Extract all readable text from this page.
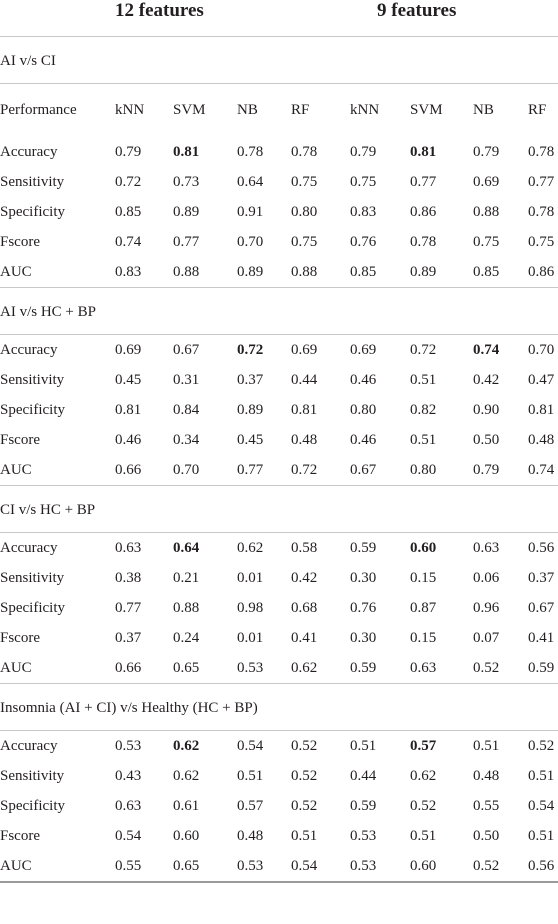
	12 features				9 features				
AI v/s CI									
Performance	kNN	SVM	NB	RF	kNN	SVM	NB	RF	
Accuracy	0.79	0.81	0.78	0.78	0.79	0.81	0.79	0.78	
Sensitivity	0.72	0.73	0.64	0.75	0.75	0.77	0.69	0.77	
Specificity	0.85	0.89	0.91	0.80	0.83	0.86	0.88	0.78	
Fscore	0.74	0.77	0.70	0.75	0.76	0.78	0.75	0.75	
AUC	0.83	0.88	0.89	0.88	0.85	0.89	0.85	0.86	
AI v/s HC + BP									
Accuracy	0.69	0.67	0.72	0.69	0.69	0.72	0.74	0.70	
Sensitivity	0.45	0.31	0.37	0.44	0.46	0.51	0.42	0.47	
Specificity	0.81	0.84	0.89	0.81	0.80	0.82	0.90	0.81	
Fscore	0.46	0.34	0.45	0.48	0.46	0.51	0.50	0.48	
AUC	0.66	0.70	0.77	0.72	0.67	0.80	0.79	0.74	
CI v/s HC + BP									
Accuracy	0.63	0.64	0.62	0.58	0.59	0.60	0.63	0.56	
Sensitivity	0.38	0.21	0.01	0.42	0.30	0.15	0.06	0.37	
Specificity	0.77	0.88	0.98	0.68	0.76	0.87	0.96	0.67	
Fscore	0.37	0.24	0.01	0.41	0.30	0.15	0.07	0.41	
AUC	0.66	0.65	0.53	0.62	0.59	0.63	0.52	0.59	
Insomnia (AI + CI) v/s Healthy (HC + BP)									
Accuracy	0.53	0.62	0.54	0.52	0.51	0.57	0.51	0.52	
Sensitivity	0.43	0.62	0.51	0.52	0.44	0.62	0.48	0.51	
Specificity	0.63	0.61	0.57	0.52	0.59	0.52	0.55	0.54	
Fscore	0.54	0.60	0.48	0.51	0.53	0.51	0.50	0.51	
AUC	0.55	0.65	0.53	0.54	0.53	0.60	0.52	0.56	
